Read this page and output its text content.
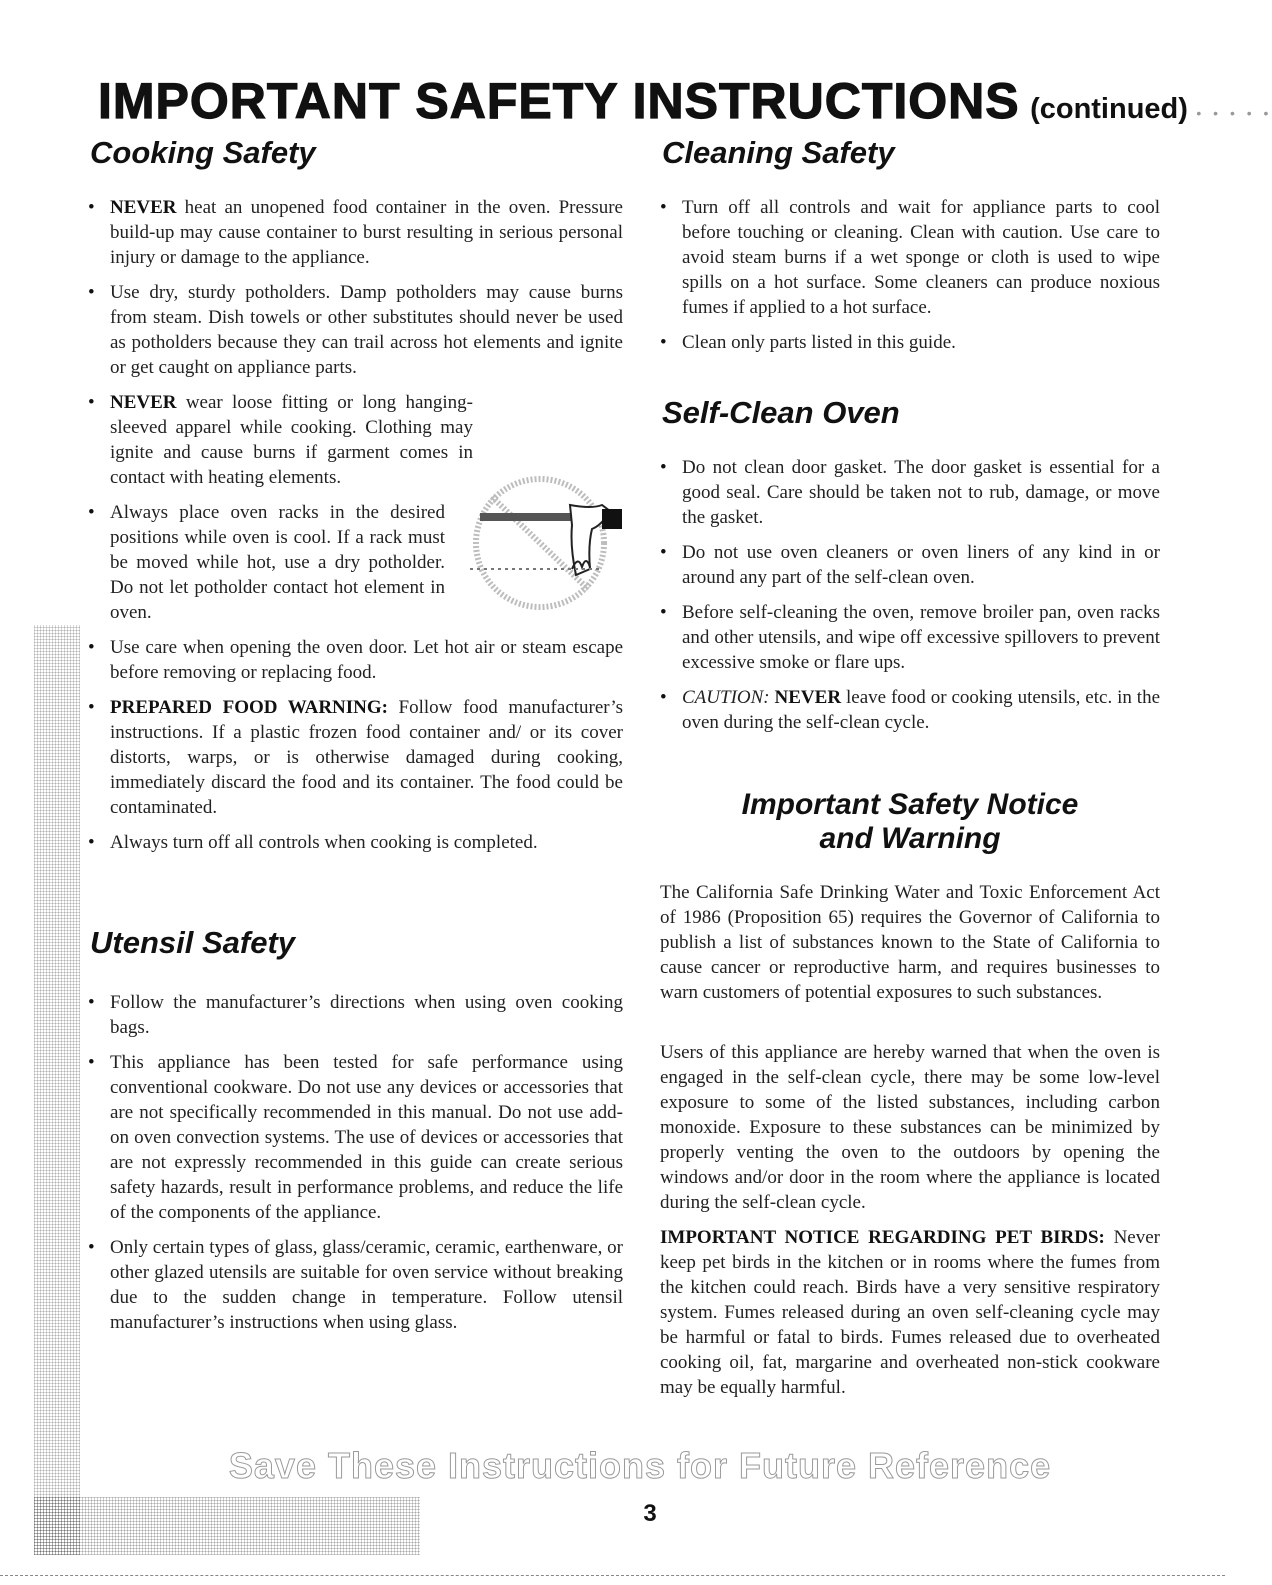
IMPORTANT SAFETY INSTRUCTIONS (continued) • • • • •
Cooking Safety
• NEVER heat an unopened food container in the oven. Pressure build-up may cause container to burst resulting in serious personal injury or damage to the appliance.
• Use dry, sturdy potholders. Damp potholders may cause burns from steam. Dish towels or other substitutes should never be used as potholders because they can trail across hot elements and ignite or get caught on appliance parts.
• NEVER wear loose fitting or long hanging-sleeved apparel while cooking. Clothing may ignite and cause burns if garment comes in contact with heating elements.
• Always place oven racks in the desired positions while oven is cool. If a rack must be moved while hot, use a dry potholder. Do not let potholder contact hot element in oven.
• Use care when opening the oven door. Let hot air or steam escape before removing or replacing food.
• PREPARED FOOD WARNING: Follow food manufacturer’s instructions. If a plastic frozen food container and/ or its cover distorts, warps, or is otherwise damaged during cooking, immediately discard the food and its container. The food could be contaminated.
• Always turn off all controls when cooking is completed.
Utensil Safety
• Follow the manufacturer’s directions when using oven cooking bags.
• This appliance has been tested for safe performance using conventional cookware. Do not use any devices or accessories that are not specifically recommended in this manual. Do not use add-on oven convection systems. The use of devices or accessories that are not expressly recommended in this guide can create serious safety hazards, result in performance problems, and reduce the life of the components of the appliance.
• Only certain types of glass, glass/ceramic, ceramic, earthenware, or other glazed utensils are suitable for oven service without breaking due to the sudden change in temperature. Follow utensil manufacturer’s instructions when using glass.
Cleaning Safety
• Turn off all controls and wait for appliance parts to cool before touching or cleaning. Clean with caution. Use care to avoid steam burns if a wet sponge or cloth is used to wipe spills on a hot surface. Some cleaners can produce noxious fumes if applied to a hot surface.
• Clean only parts listed in this guide.
Self-Clean Oven
• Do not clean door gasket. The door gasket is essential for a good seal. Care should be taken not to rub, damage, or move the gasket.
• Do not use oven cleaners or oven liners of any kind in or around any part of the self-clean oven.
• Before self-cleaning the oven, remove broiler pan, oven racks and other utensils, and wipe off excessive spillovers to prevent excessive smoke or flare ups.
• CAUTION: NEVER leave food or cooking utensils, etc. in the oven during the self-clean cycle.
Important Safety Notice
and Warning

The California Safe Drinking Water and Toxic Enforcement Act of 1986 (Proposition 65) requires the Governor of California to publish a list of substances known to the State of California to cause cancer or reproductive harm, and requires businesses to warn customers of potential exposures to such substances.

Users of this appliance are hereby warned that when the oven is engaged in the self-clean cycle, there may be some low-level exposure to some of the listed substances, including carbon monoxide. Exposure to these substances can be minimized by properly venting the oven to the outdoors by opening the windows and/or door in the room where the appliance is located during the self-clean cycle.

IMPORTANT NOTICE REGARDING PET BIRDS: Never keep pet birds in the kitchen or in rooms where the fumes from the kitchen could reach. Birds have a very sensitive respiratory system. Fumes released during an oven self-cleaning cycle may be harmful or fatal to birds. Fumes released due to overheated cooking oil, fat, margarine and overheated non-stick cookware may be equally harmful.

Save These Instructions for Future Reference
3
